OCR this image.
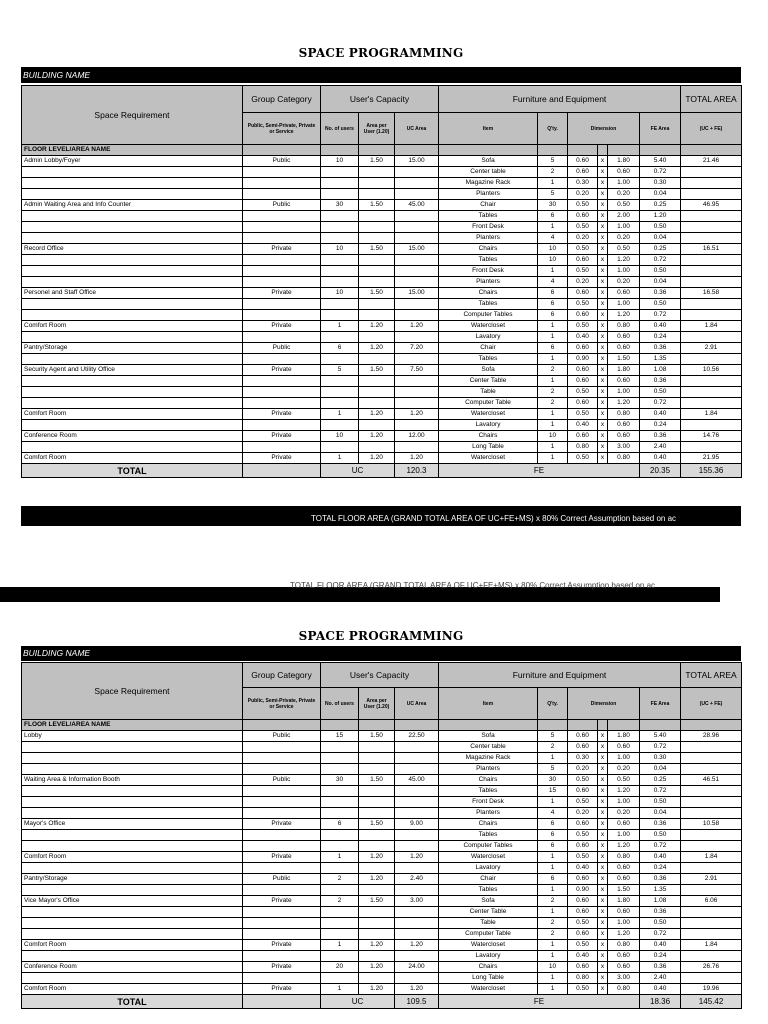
SPACE PROGRAMMING
BUILDING NAME
Space Requirement	Group Category	User's Capacity			Furniture and Equipment						TOTAL AREA
	Public, Semi-Private, Private or Service	No. of users	Area per User (1.20)	UC Area	Item	Q'ty.	Dimension			FE Area	(UC + FE)
FLOOR LEVEL/AREA NAME											
Admin Lobby/Foyer	Public	10	1.50	15.00	Sofa	5	0.60	x	1.80	5.40	21.46
					Center table	2	0.60	x	0.60	0.72	
					Magazine Rack	1	0.30	x	1.00	0.30	
					Planters	5	0.20	x	0.20	0.04	
Admin Waiting Area and Info Counter	Public	30	1.50	45.00	Chair	30	0.50	x	0.50	0.25	46.95
					Tables	6	0.60	x	2.00	1.20	
					Front Desk	1	0.50	x	1.00	0.50	
					Planters	4	0.20	x	0.20	0.04	
Record Office	Private	10	1.50	15.00	Chairs	10	0.50	x	0.50	0.25	16.51
					Tables	10	0.60	x	1.20	0.72	
					Front Desk	1	0.50	x	1.00	0.50	
					Planters	4	0.20	x	0.20	0.04	
Personel and Staff Office	Private	10	1.50	15.00	Chairs	6	0.60	x	0.60	0.36	16.58
					Tables	6	0.50	x	1.00	0.50	
					Computer Tables	6	0.60	x	1.20	0.72	
Comfort Room	Private	1	1.20	1.20	Watercloset	1	0.50	x	0.80	0.40	1.84
					Lavatory	1	0.40	x	0.60	0.24	
Pantry/Storage	Public	6	1.20	7.20	Chair	6	0.60	x	0.60	0.36	2.91
					Tables	1	0.90	x	1.50	1.35	
Security Agent and Utility Office	Private	5	1.50	7.50	Sofa	2	0.60	x	1.80	1.08	10.56
					Center Table	1	0.60	x	0.60	0.36	
					Table	2	0.50	x	1.00	0.50	
					Computer Table	2	0.60	x	1.20	0.72	
Comfort Room	Private	1	1.20	1.20	Watercloset	1	0.50	x	0.80	0.40	1.84
					Lavatory	1	0.40	x	0.60	0.24	
Conference Room	Private	10	1.20	12.00	Chairs	10	0.60	x	0.60	0.36	14.76
					Long Table	1	0.80	x	3.00	2.40	
Comfort Room	Private	1	1.20	1.20	Watercloset	1	0.50	x	0.80	0.40	21.95
TOTAL		UC		120.3	FE					20.35	155.36
TOTAL FLOOR AREA (GRAND TOTAL AREA OF UC+FE+MS) x 80% Correct Assumption based on ac
TOTAL FLOOR AREA (GRAND TOTAL AREA OF UC+FE+MS) x 80% Correct Assumption based on ac
SPACE PROGRAMMING
BUILDING NAME
Space Requirement	Group Category	User's Capacity			Furniture and Equipment						TOTAL AREA
	Public, Semi-Private, Private or Service	No. of users	Area per User (1.20)	UC Area	Item	Q'ty.	Dimension			FE Area	(UC + FE)
FLOOR LEVEL/AREA NAME											
Lobby	Public	15	1.50	22.50	Sofa	5	0.60	x	1.80	5.40	28.96
					Center table	2	0.60	x	0.60	0.72	
					Magazine Rack	1	0.30	x	1.00	0.30	
					Planters	5	0.20	x	0.20	0.04	
Waiting Area & Information Booth	Public	30	1.50	45.00	Chairs	30	0.50	x	0.50	0.25	46.51
					Tables	15	0.60	x	1.20	0.72	
					Front Desk	1	0.50	x	1.00	0.50	
					Planters	4	0.20	x	0.20	0.04	
Mayor's Office	Private	6	1.50	9.00	Chairs	6	0.60	x	0.60	0.36	10.58
					Tables	6	0.50	x	1.00	0.50	
					Computer Tables	6	0.60	x	1.20	0.72	
Comfort Room	Private	1	1.20	1.20	Watercloset	1	0.50	x	0.80	0.40	1.84
					Lavatory	1	0.40	x	0.60	0.24	
Pantry/Storage	Public	2	1.20	2.40	Chair	6	0.60	x	0.60	0.36	2.91
					Tables	1	0.90	x	1.50	1.35	
Vice Mayor's Office	Private	2	1.50	3.00	Sofa	2	0.60	x	1.80	1.08	6.06
					Center Table	1	0.60	x	0.60	0.36	
					Table	2	0.50	x	1.00	0.50	
					Computer Table	2	0.60	x	1.20	0.72	
Comfort Room	Private	1	1.20	1.20	Watercloset	1	0.50	x	0.80	0.40	1.84
					Lavatory	1	0.40	x	0.60	0.24	
Conference Room	Private	20	1.20	24.00	Chairs	10	0.60	x	0.60	0.36	26.76
					Long Table	1	0.80	x	3.00	2.40	
Comfort Room	Private	1	1.20	1.20	Watercloset	1	0.50	x	0.80	0.40	19.96
TOTAL		UC		109.5	FE					18.36	145.42
